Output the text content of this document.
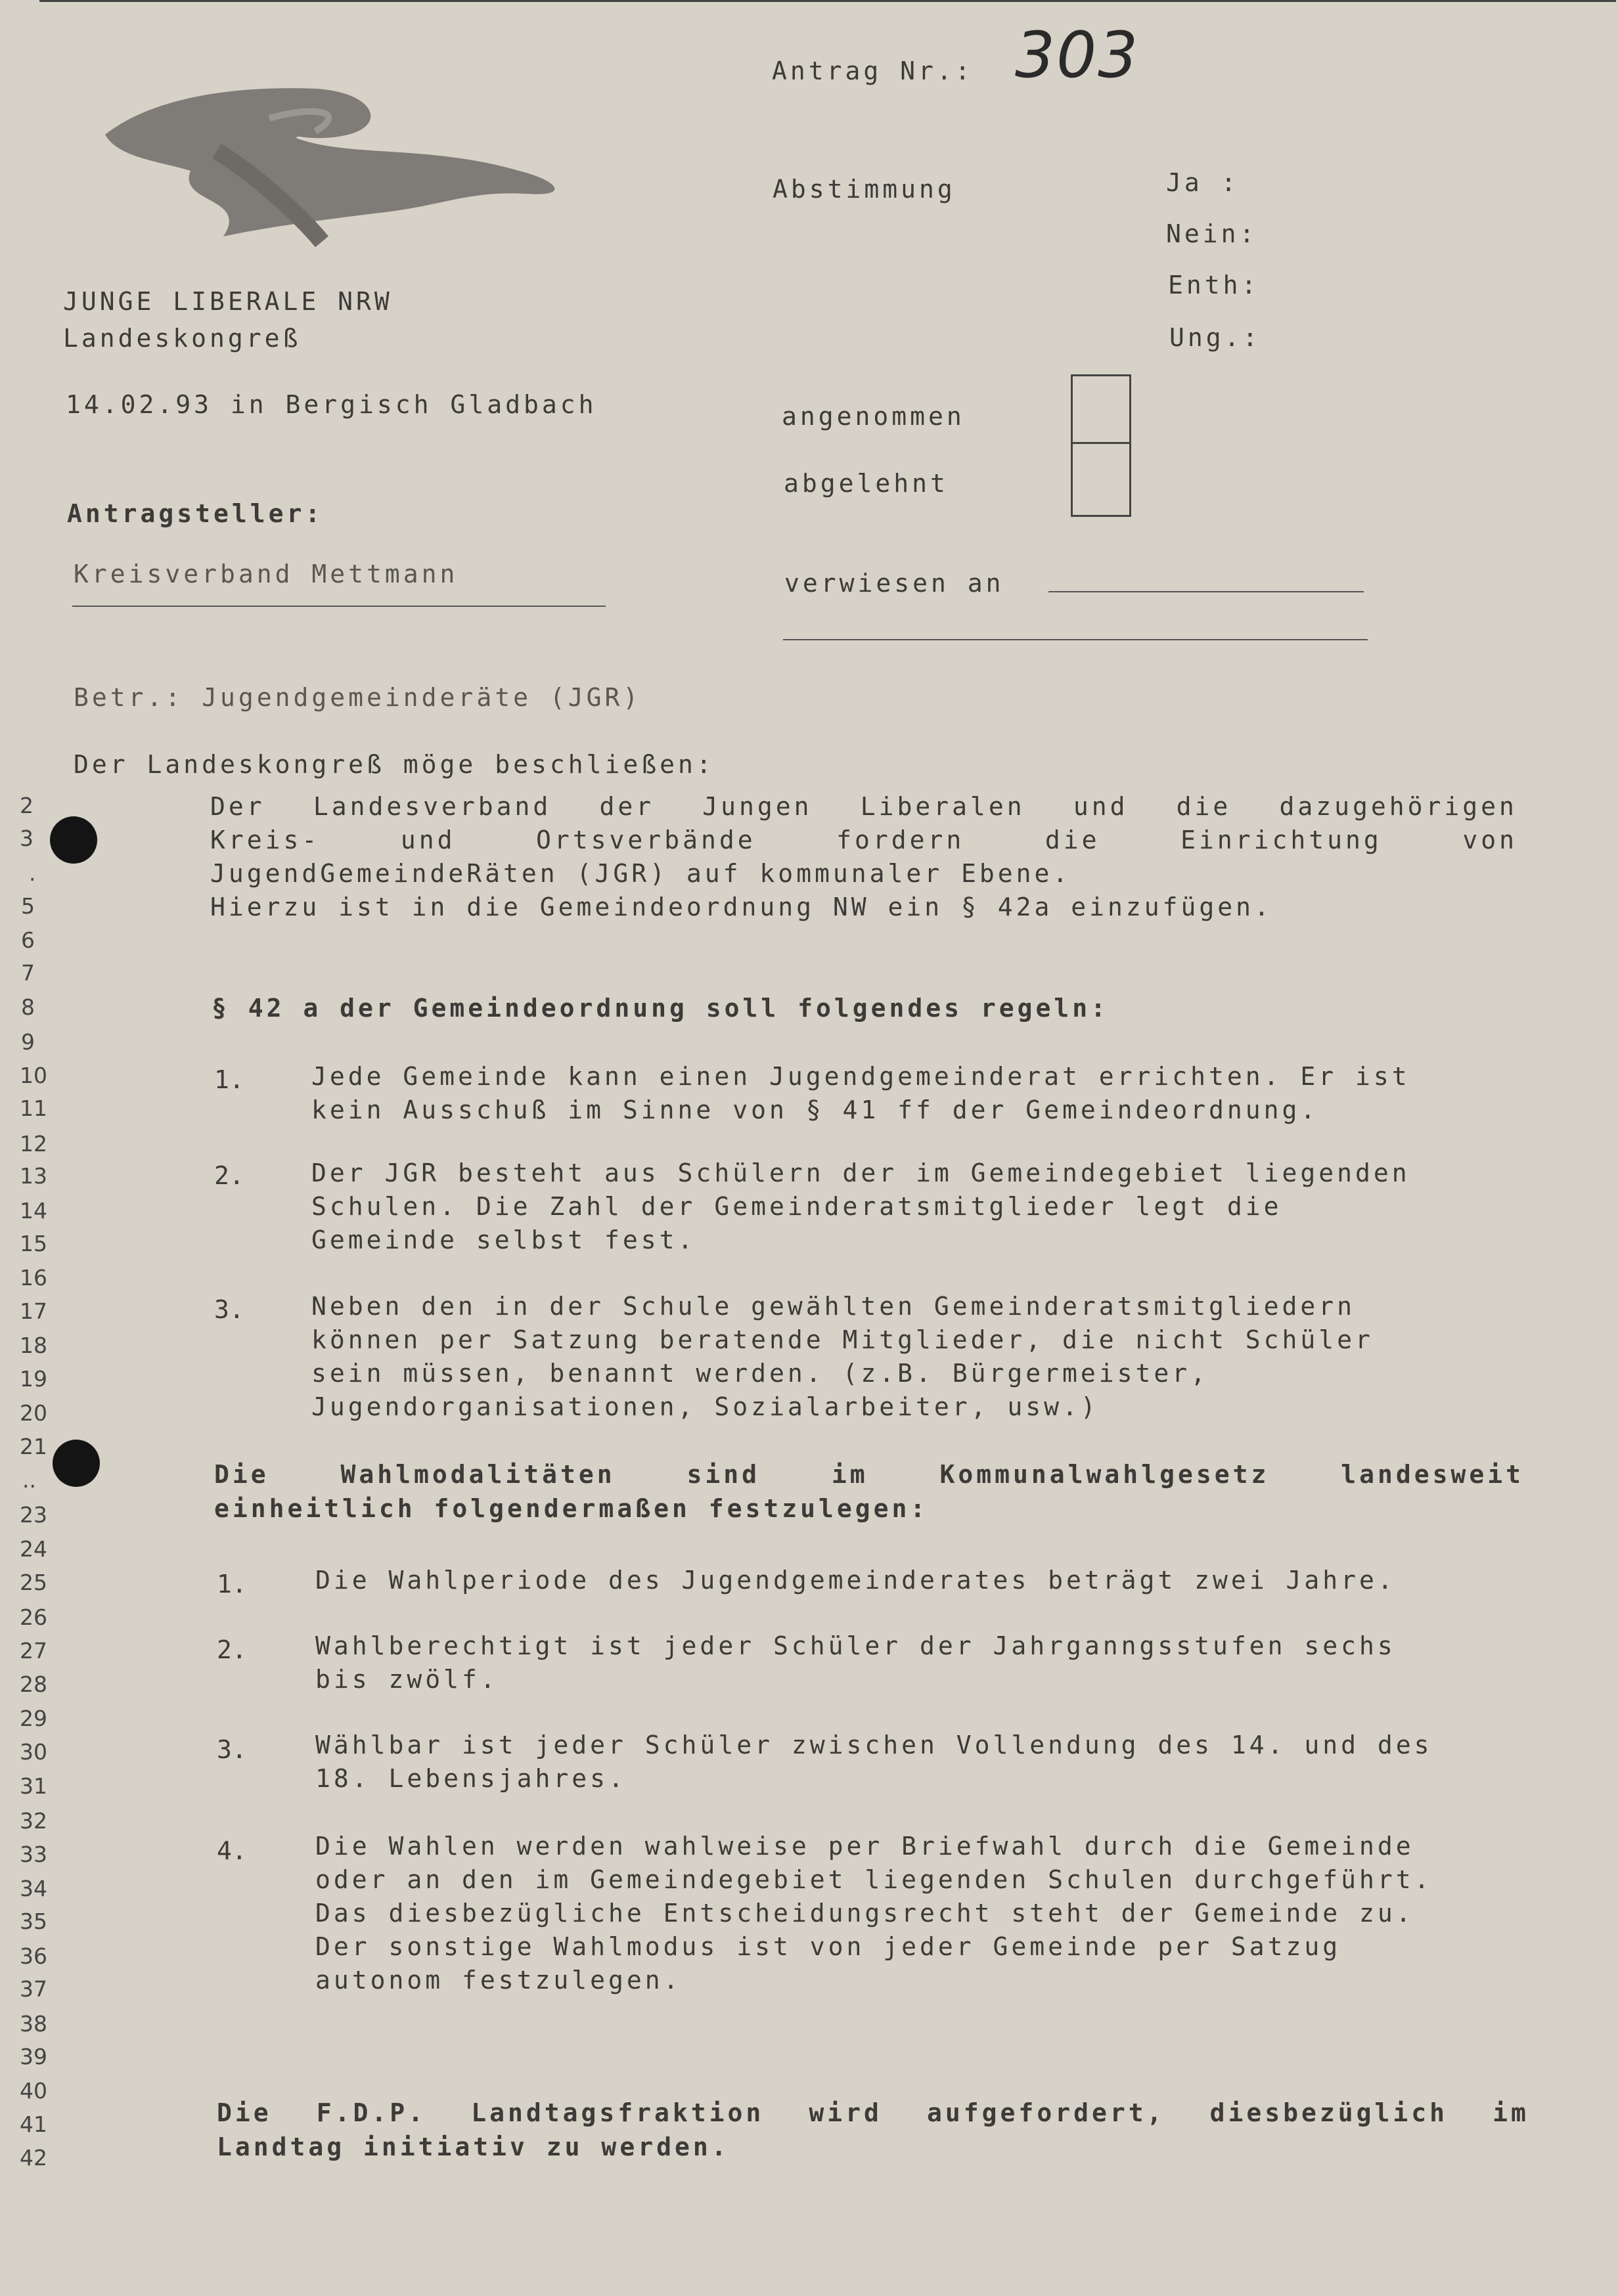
Antrag Nr.: 303
JUNGE LIBERALE NRW
Landeskongreß
14.02.93 in Bergisch Gladbach
Antragsteller:
Kreisverband Mettmann
Abstimmung	Ja :
Nein:
Enth:
Ung.:
angenommen
abgelehnt
verwiesen an
Betr.: Jugendgemeinderäte (JGR)
Der Landeskongreß möge beschließen:
2
3
.
5
6
7
8
9
10
11
12
13
14
15
16
17
18
19
20
21
..
23
24
25
26
27
28
29
30
31
32
33
34
35
36
37
38
39
40
41
42
Der Landesverband der Jungen Liberalen und die dazugehörigen
Kreis-	und	Ortsverbände	fordern	die	Einrichtung	von
JugendGemeindeRäten (JGR) auf kommunaler Ebene.
Hierzu ist in die Gemeindeordnung NW ein § 42a einzufügen.
§ 42 a der Gemeindeordnung soll folgendes regeln:
1.	Jede Gemeinde kann einen Jugendgemeinderat errichten. Er ist
kein Ausschuß im Sinne von § 41 ff der Gemeindeordnung.
2.	Der JGR besteht aus Schülern der im Gemeindegebiet liegenden
Schulen. Die Zahl der Gemeinderatsmitglieder legt die
Gemeinde selbst fest.
3.	Neben den in der Schule gewählten Gemeinderatsmitgliedern
können per Satzung beratende Mitglieder, die nicht Schüler
sein müssen, benannt werden. (z.B. Bürgermeister,
Jugendorganisationen, Sozialarbeiter, usw.)
Die	Wahlmodalitäten	sind	im	Kommunalwahlgesetz	landesweit
einheitlich folgendermaßen festzulegen:
1.	Die Wahlperiode des Jugendgemeinderates beträgt zwei Jahre.
2.	Wahlberechtigt ist jeder Schüler der Jahrganngsstufen sechs
bis zwölf.
3.	Wählbar ist jeder Schüler zwischen Vollendung des 14. und des
18. Lebensjahres.
4.	Die Wahlen werden wahlweise per Briefwahl durch die Gemeinde
oder an den im Gemeindegebiet liegenden Schulen durchgeführt.
Das diesbezügliche Entscheidungsrecht steht der Gemeinde zu.
Der sonstige Wahlmodus ist von jeder Gemeinde per Satzug
autonom festzulegen.
Die F.D.P. Landtagsfraktion wird aufgefordert, diesbezüglich im
Landtag initiativ zu werden.
